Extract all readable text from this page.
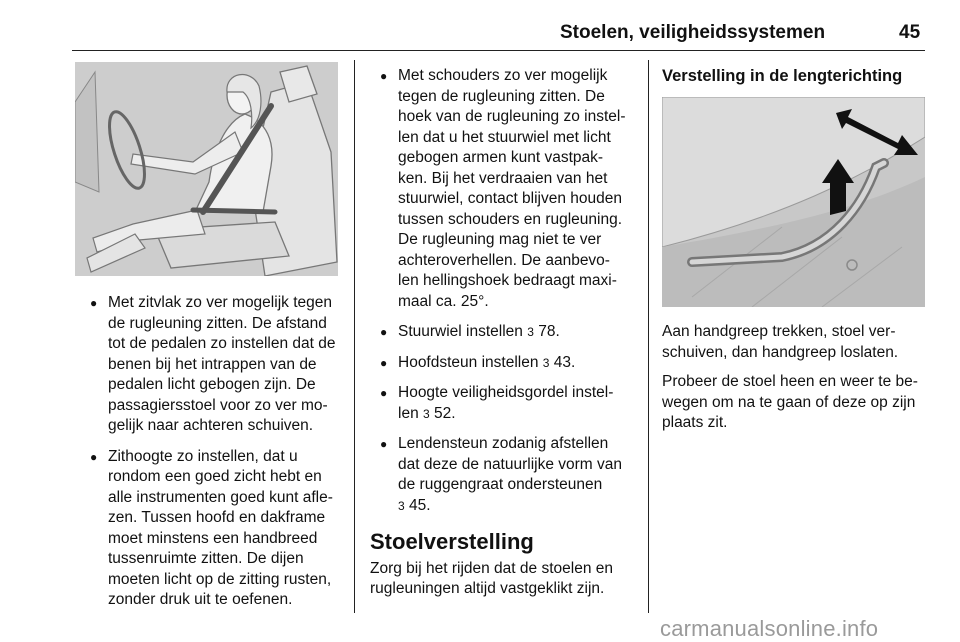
Stoelen, veiligheidssystemen	45
● Met zitvlak zo ver mogelijk tegen
de rugleuning zitten. De afstand
tot de pedalen zo instellen dat de
benen bij het intrappen van de
pedalen licht gebogen zijn. De
passagiersstoel voor zo ver mo-
gelijk naar achteren schuiven.
● Zithoogte zo instellen, dat u
rondom een goed zicht hebt en
alle instrumenten goed kunt afle-
zen. Tussen hoofd en dakframe
moet minstens een handbreed
tussenruimte zitten. De dijen
moeten licht op de zitting rusten,
zonder druk uit te oefenen.
● Met schouders zo ver mogelijk
tegen de rugleuning zitten. De
hoek van de rugleuning zo instel-
len dat u het stuurwiel met licht
gebogen armen kunt vastpak-
ken. Bij het verdraaien van het
stuurwiel, contact blijven houden
tussen schouders en rugleuning.
De rugleuning mag niet te ver
achteroverhellen. De aanbevo-
len hellingshoek bedraagt maxi-
maal ca. 25°.
● Stuurwiel instellen 3 78.
● Hoofdsteun instellen 3 43.
● Hoogte veiligheidsgordel instel-
len 3 52.
● Lendensteun zodanig afstellen
dat deze de natuurlijke vorm van
de ruggengraat ondersteunen
3 45.
Stoelverstelling

Zorg bij het rijden dat de stoelen en
rugleuningen altijd vastgeklikt zijn.

Verstelling in de lengterichting

Aan handgreep trekken, stoel ver-
schuiven, dan handgreep loslaten.

Probeer de stoel heen en weer te be-
wegen om na te gaan of deze op zijn
plaats zit.

carmanualsonline.info
